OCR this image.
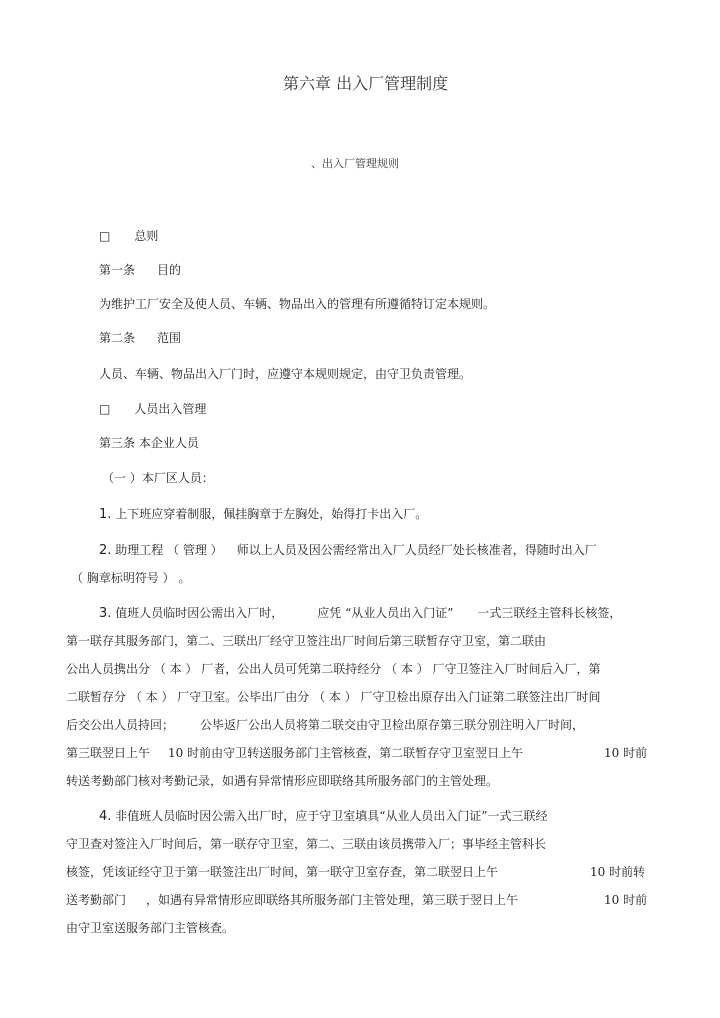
第六章 出入厂管理制度
、出入厂管理规则
□ 总则
第一条 目的
为维护工厂安全及使人员、车辆、物品出入的管理有所遵循特订定本规则。
第二条 范围
人员、车辆、物品出入厂门时，应遵守本规则规定，由守卫负责管理。
□ 人员出入管理
第三条 本企业人员
（一 ）本厂区人员：
1. 上下班应穿着制服，佩挂胸章于左胸处，始得打卡出入厂。
2. 助理工程 （ 管理 ） 师以上人员及因公需经常出入厂人员经厂处长核准者，得随时出入厂
（ 胸章标明符号 ） 。
3. 值班人员临时因公需出入厂时，	应凭 “从业人员出入门证” 一式三联经主管科长核签，
第一联存其服务部门，第二、三联出厂经守卫签注出厂时间后第三联暂存守卫室，第二联由
公出人员携出分 （ 本 ） 厂者，公出人员可凭第二联持经分 （ 本 ） 厂守卫签注入厂时间后入厂，第
二联暂存分 （ 本 ） 厂守卫室。公毕出厂由分 （ 本 ） 厂守卫检出原存出入门证第二联签注出厂时间
后交公出人员持回； 公毕返厂公出人员将第二联交由守卫检出原存第三联分别注明入厂时间，
第三联翌日上午 10 时前由守卫转送服务部门主管核查，第二联暂存守卫室翌日上午	10 时前
转送考勤部门核对考勤记录，如遇有异常情形应即联络其所服务部门的主管处理。
4. 非值班人员临时因公需入出厂时，应于守卫室填具“从业人员出入门证”一式三联经
守卫查对签注入厂时间后，第一联存守卫室，第二、三联由该员携带入厂；事毕经主管科长
核签，凭该证经守卫于第一联签注出厂时间，第一联守卫室存查，第二联翌日上午	10 时前转
送考勤部门 ，如遇有异常情形应即联络其所服务部门主管处理，第三联于翌日上午	10 时前
由守卫室送服务部门主管核查。
